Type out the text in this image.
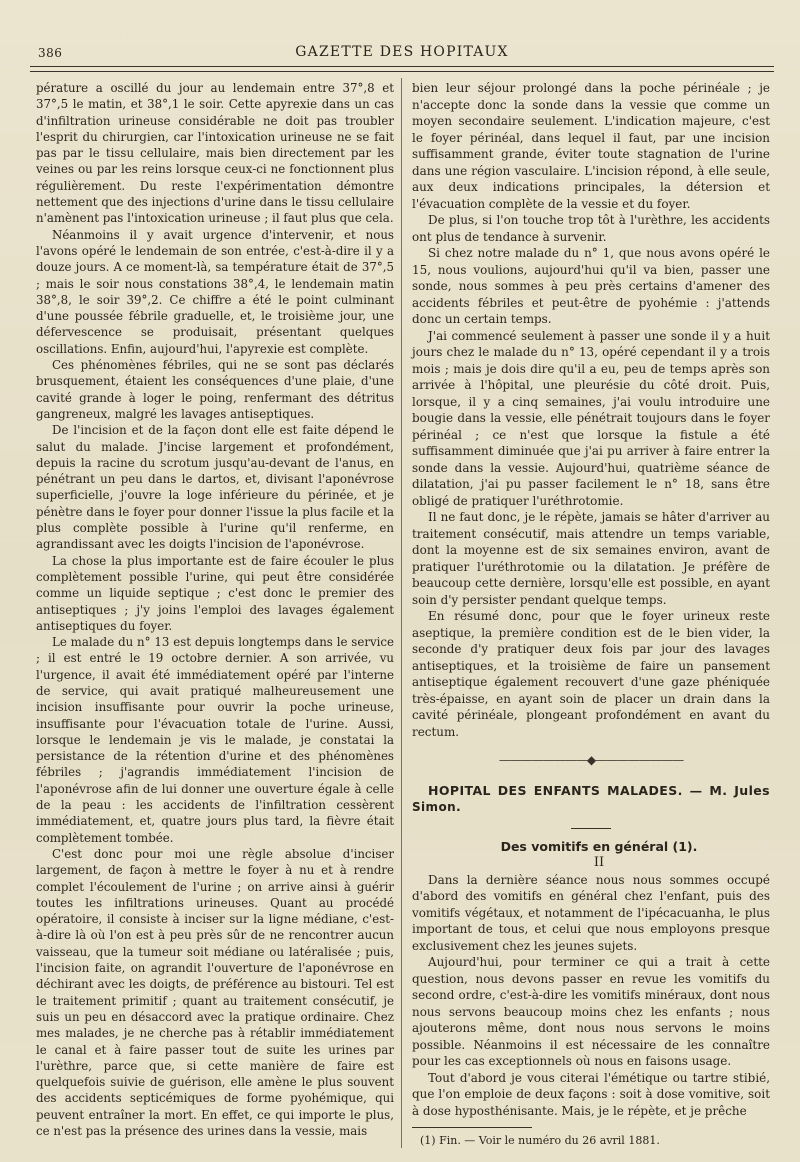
386	GAZETTE DES HOPITAUX

pérature a oscillé du jour au lendemain entre 37°,8 et 37°,5 le matin, et 38°,1 le soir. Cette apyrexie dans un cas d'infiltration urineuse considérable ne doit pas troubler l'esprit du chirurgien, car l'intoxication urineuse ne se fait pas par le tissu cellulaire, mais bien directement par les veines ou par les reins lorsque ceux-ci ne fonctionnent plus régulièrement. Du reste l'expérimentation démontre nettement que des injections d'urine dans le tissu cellulaire n'amènent pas l'intoxication urineuse ; il faut plus que cela.

Néanmoins il y avait urgence d'intervenir, et nous l'avons opéré le lendemain de son entrée, c'est-à-dire il y a douze jours. A ce moment-là, sa température était de 37°,5 ; mais le soir nous constations 38°,4, le lendemain matin 38°,8, le soir 39°,2. Ce chiffre a été le point culminant d'une poussée fébrile graduelle, et, le troisième jour, une défervescence se produisait, présentant quelques oscillations. Enfin, aujourd'hui, l'apyrexie est complète.

Ces phénomènes fébriles, qui ne se sont pas déclarés brusquement, étaient les conséquences d'une plaie, d'une cavité grande à loger le poing, renfermant des détritus gangreneux, malgré les lavages antiseptiques.

De l'incision et de la façon dont elle est faite dépend le salut du malade. J'incise largement et profondément, depuis la racine du scrotum jusqu'au-devant de l'anus, en pénétrant un peu dans le dartos, et, divisant l'aponévrose superficielle, j'ouvre la loge inférieure du périnée, et je pénètre dans le foyer pour donner l'issue la plus facile et la plus complète possible à l'urine qu'il renferme, en agrandissant avec les doigts l'incision de l'aponévrose.

La chose la plus importante est de faire écouler le plus complètement possible l'urine, qui peut être considérée comme un liquide septique ; c'est donc le premier des antiseptiques ; j'y joins l'emploi des lavages également antiseptiques du foyer.

Le malade du n° 13 est depuis longtemps dans le service ; il est entré le 19 octobre dernier. A son arrivée, vu l'urgence, il avait été immédiatement opéré par l'interne de service, qui avait pratiqué malheureusement une incision insuffisante pour ouvrir la poche urineuse, insuffisante pour l'évacuation totale de l'urine. Aussi, lorsque le lendemain je vis le malade, je constatai la persistance de la rétention d'urine et des phénomènes fébriles ; j'agrandis immédiatement l'incision de l'aponévrose afin de lui donner une ouverture égale à celle de la peau : les accidents de l'infiltration cessèrent immédiatement, et, quatre jours plus tard, la fièvre était complètement tombée.

C'est donc pour moi une règle absolue d'inciser largement, de façon à mettre le foyer à nu et à rendre complet l'écoulement de l'urine ; on arrive ainsi à guérir toutes les infiltrations urineuses. Quant au procédé opératoire, il consiste à inciser sur la ligne médiane, c'est-à-dire là où l'on est à peu près sûr de ne rencontrer aucun vaisseau, que la tumeur soit médiane ou latéralisée ; puis, l'incision faite, on agrandit l'ouverture de l'aponévrose en déchirant avec les doigts, de préférence au bistouri. Tel est le traitement primitif ; quant au traitement consécutif, je suis un peu en désaccord avec la pratique ordinaire. Chez mes malades, je ne cherche pas à rétablir immédiatement le canal et à faire passer tout de suite les urines par l'urèthre, parce que, si cette manière de faire est quelquefois suivie de guérison, elle amène le plus souvent des accidents septicémiques de forme pyohémique, qui peuvent entraîner la mort. En effet, ce qui importe le plus, ce n'est pas la présence des urines dans la vessie, mais

bien leur séjour prolongé dans la poche périnéale ; je n'accepte donc la sonde dans la vessie que comme un moyen secondaire seulement. L'indication majeure, c'est le foyer périnéal, dans lequel il faut, par une incision suffisamment grande, éviter toute stagnation de l'urine dans une région vasculaire. L'incision répond, à elle seule, aux deux indications principales, la détersion et l'évacuation complète de la vessie et du foyer.

De plus, si l'on touche trop tôt à l'urèthre, les accidents ont plus de tendance à survenir.

Si chez notre malade du n° 1, que nous avons opéré le 15, nous voulions, aujourd'hui qu'il va bien, passer une sonde, nous sommes à peu près certains d'amener des accidents fébriles et peut-être de pyohémie : j'attends donc un certain temps.

J'ai commencé seulement à passer une sonde il y a huit jours chez le malade du n° 13, opéré cependant il y a trois mois ; mais je dois dire qu'il a eu, peu de temps après son arrivée à l'hôpital, une pleurésie du côté droit. Puis, lorsque, il y a cinq semaines, j'ai voulu introduire une bougie dans la vessie, elle pénétrait toujours dans le foyer périnéal ; ce n'est que lorsque la fistule a été suffisamment diminuée que j'ai pu arriver à faire entrer la sonde dans la vessie. Aujourd'hui, quatrième séance de dilatation, j'ai pu passer facilement le n° 18, sans être obligé de pratiquer l'uréthrotomie.

Il ne faut donc, je le répète, jamais se hâter d'arriver au traitement consécutif, mais attendre un temps variable, dont la moyenne est de six semaines environ, avant de pratiquer l'uréthrotomie ou la dilatation. Je préfère de beaucoup cette dernière, lorsqu'elle est possible, en ayant soin d'y persister pendant quelque temps.

En résumé donc, pour que le foyer urineux reste aseptique, la première condition est de le bien vider, la seconde d'y pratiquer deux fois par jour des lavages antiseptiques, et la troisième de faire un pansement antiseptique également recouvert d'une gaze phéniquée très-épaisse, en ayant soin de placer un drain dans la cavité périnéale, plongeant profondément en avant du rectum.

————————◆————————

HOPITAL DES ENFANTS MALADES. — M. Jules Simon.

Des vomitifs en général (1).

II

Dans la dernière séance nous nous sommes occupé d'abord des vomitifs en général chez l'enfant, puis des vomitifs végétaux, et notamment de l'ipécacuanha, le plus important de tous, et celui que nous employons presque exclusivement chez les jeunes sujets.

Aujourd'hui, pour terminer ce qui a trait à cette question, nous devons passer en revue les vomitifs du second ordre, c'est-à-dire les vomitifs minéraux, dont nous nous servons beaucoup moins chez les enfants ; nous ajouterons même, dont nous nous servons le moins possible. Néanmoins il est nécessaire de les connaître pour les cas exceptionnels où nous en faisons usage.

Tout d'abord je vous citerai l'émétique ou tartre stibié, que l'on emploie de deux façons : soit à dose vomitive, soit à dose hyposthénisante. Mais, je le répète, et je prêche

(1) Fin. — Voir le numéro du 26 avril 1881.
